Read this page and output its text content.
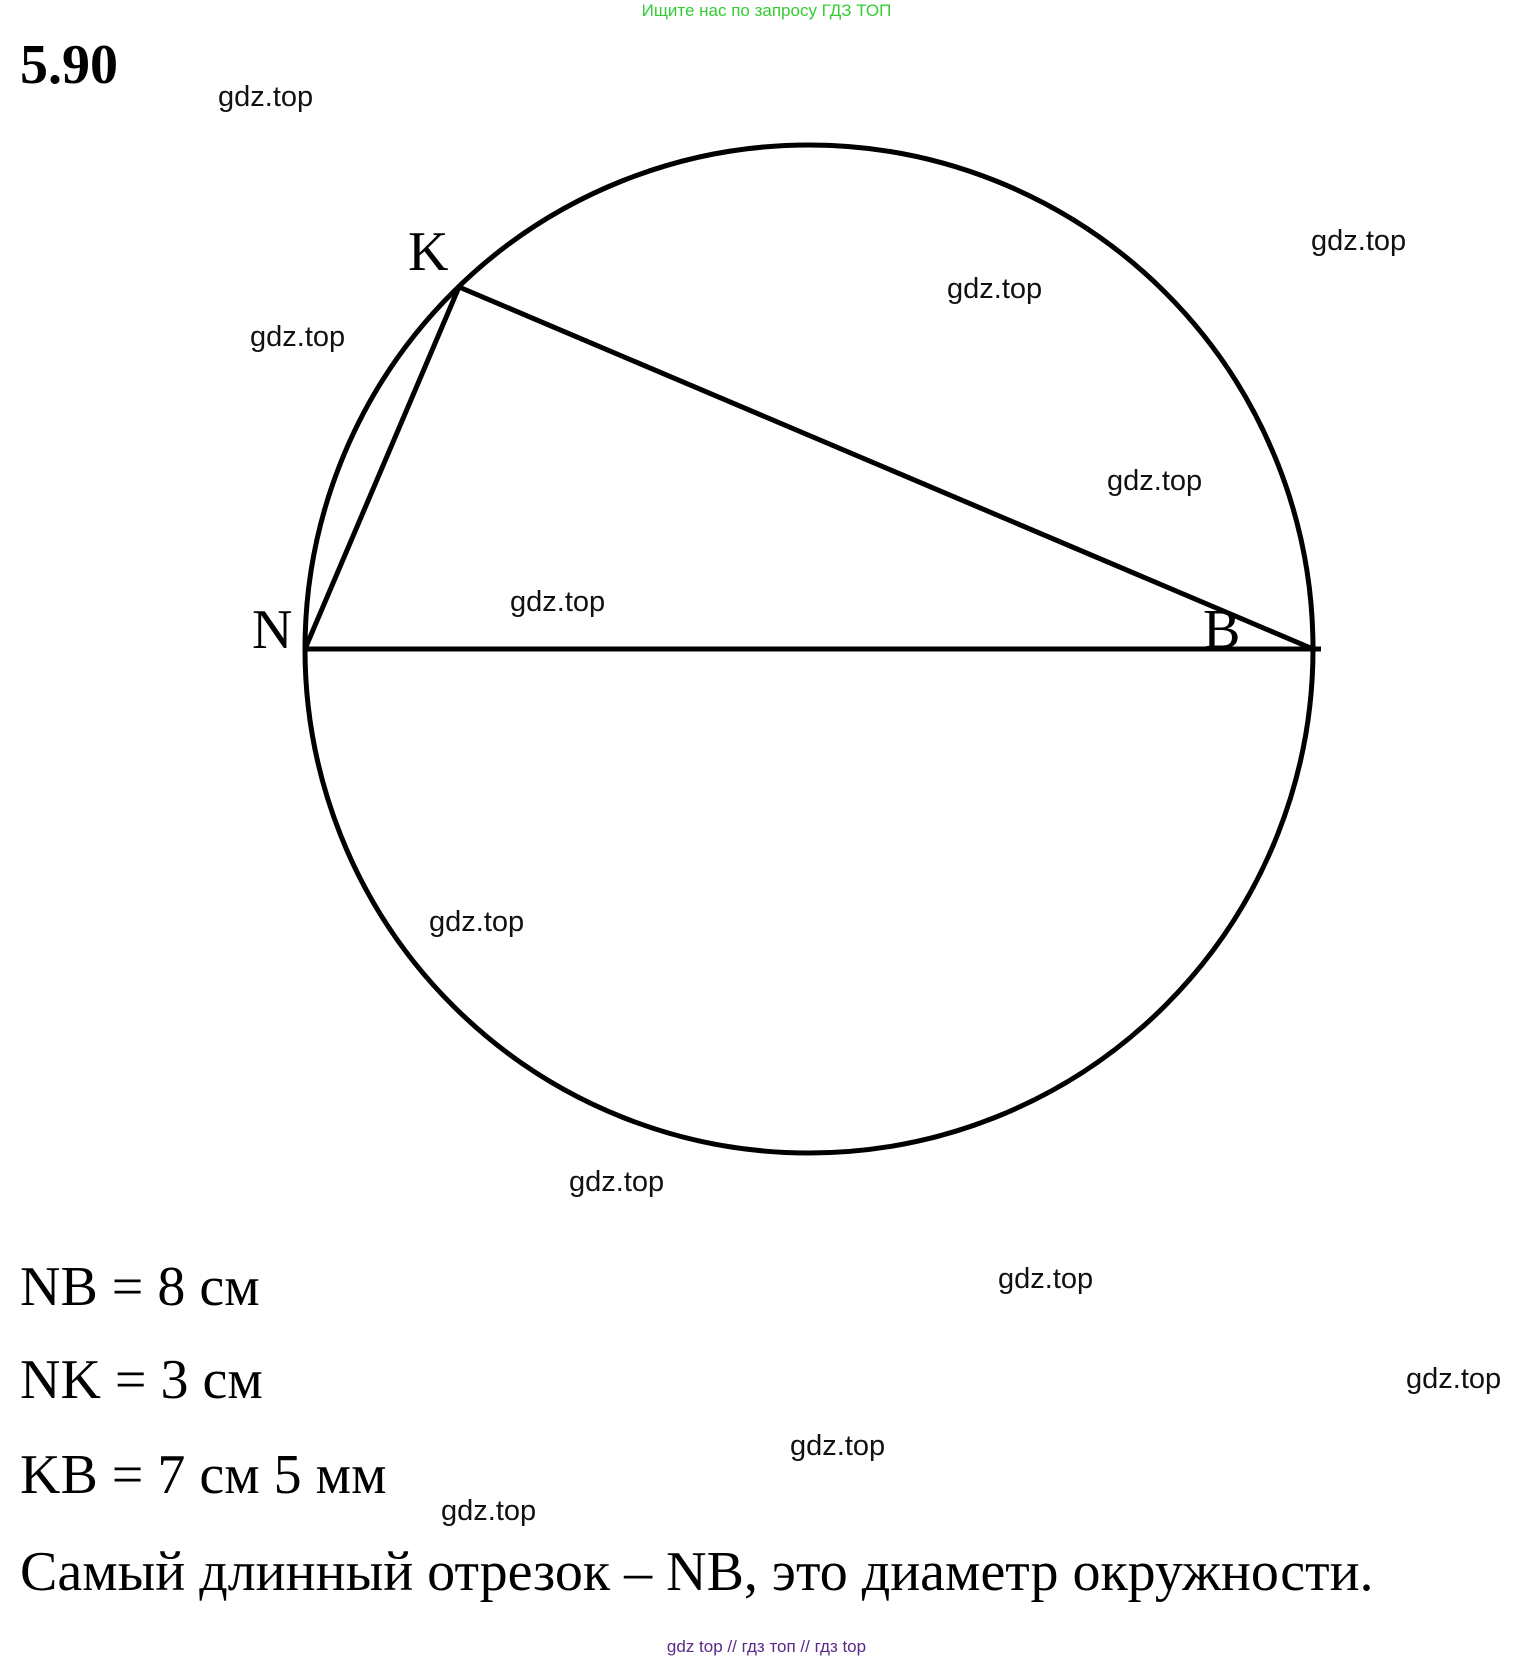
Ищите нас по запросу ГДЗ ТОП
5.90
K
N	B
gdz.top
gdz.top
gdz.top
gdz.top
gdz.top
gdz.top
gdz.top
gdz.top
gdz.top
gdz.top
gdz.top
gdz.top
NB = 8 см
NK = 3 см
KB = 7 см 5 мм
Самый длинный отрезок – NB, это диаметр окружности.
gdz top // гдз топ // гдз top
